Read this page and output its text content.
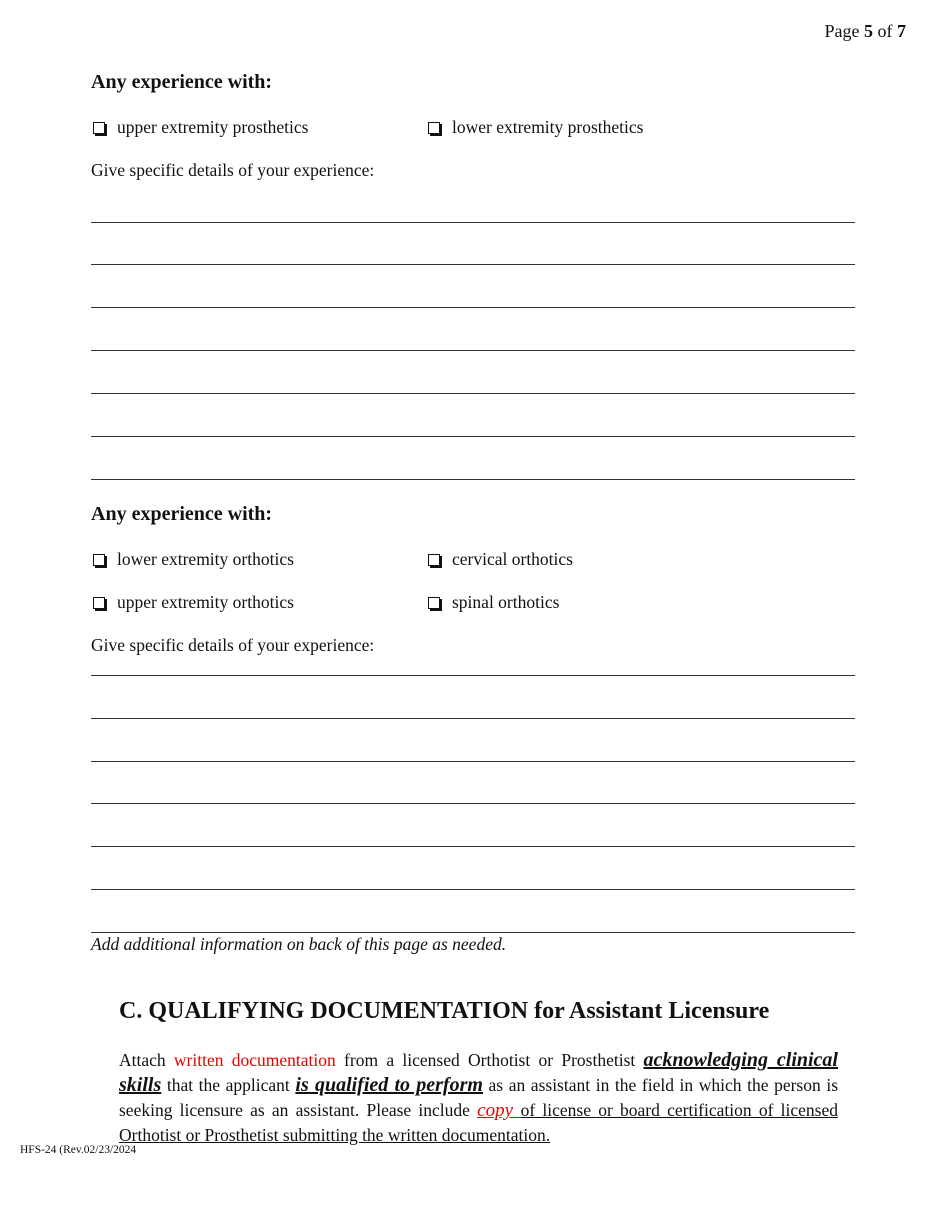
Page 5 of 7
Any experience with:
upper extremity prosthetics	lower extremity prosthetics
Give specific details of your experience:
Any experience with:
lower extremity orthotics	cervical orthotics
upper extremity orthotics	spinal orthotics
Give specific details of your experience:
Add additional information on back of this page as needed.
C. QUALIFYING DOCUMENTATION for Assistant Licensure
Attach written documentation from a licensed Orthotist or Prosthetist acknowledging clinical skills that the applicant is qualified to perform as an assistant in the field in which the person is seeking licensure as an assistant. Please include copy of license or board certification of licensed Orthotist or Prosthetist submitting the written documentation.
HFS-24 (Rev.02/23/2024
